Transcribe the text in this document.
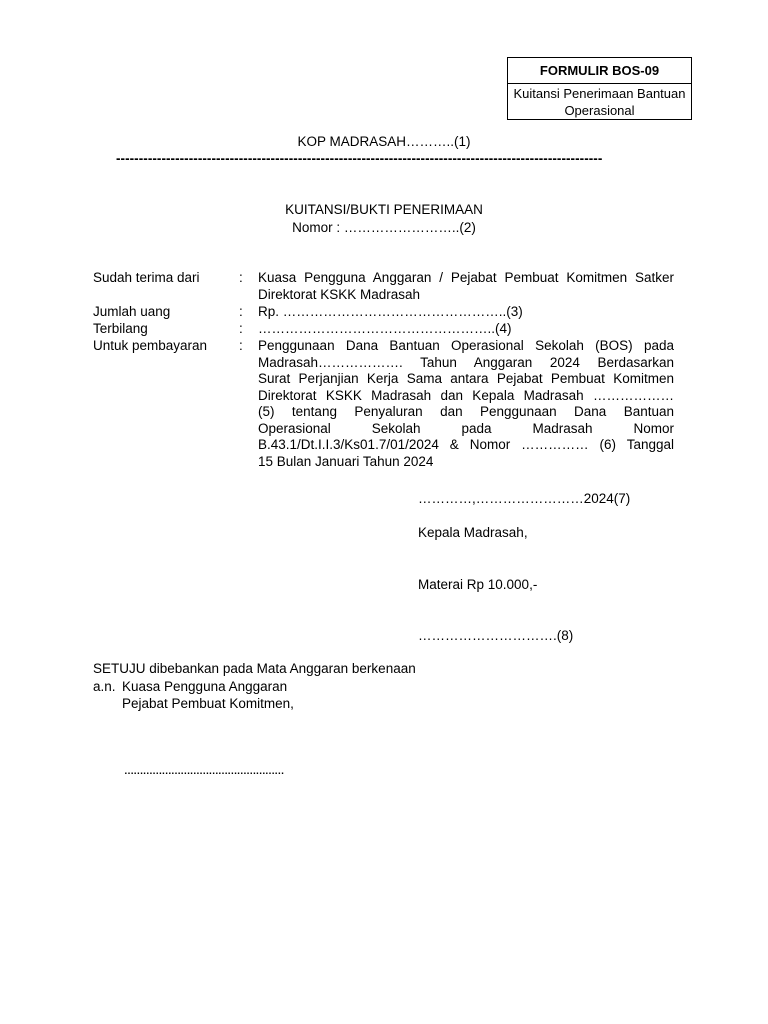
FORMULIR BOS-09
Kuitansi Penerimaan Bantuan
Operasional
KOP MADRASAH………..(1)
-----------------------------------------------------------------------------------------------------------
KUITANSI/BUKTI PENERIMAAN
Nomor : ……………………..(2)
Sudah terima dari	: Kuasa Pengguna Anggaran / Pejabat Pembuat Komitmen Satker
Direktorat KSKK Madrasah
Jumlah uang	: Rp. …………………………………………..(3)
Terbilang	: ……………………………………………..(4)
Untuk pembayaran : Penggunaan Dana Bantuan Operasional Sekolah (BOS) pada
Madrasah………………. Tahun Anggaran 2024 Berdasarkan
Surat Perjanjian Kerja Sama antara Pejabat Pembuat Komitmen
Direktorat KSKK Madrasah dan Kepala Madrasah ………………
(5) tentang Penyaluran dan Penggunaan Dana Bantuan
Operasional Sekolah pada Madrasah Nomor
B.43.1/Dt.I.I.3/Ks01.7/01/2024 & Nomor …………… (6) Tanggal
15 Bulan Januari Tahun 2024
…………,……………………2024(7)
Kepala Madrasah,
Materai Rp 10.000,-
………………………….(8)
SETUJU dibebankan pada Mata Anggaran berkenaan
a.n. Kuasa Pengguna Anggaran
Pejabat Pembuat Komitmen,
……………………………………………
